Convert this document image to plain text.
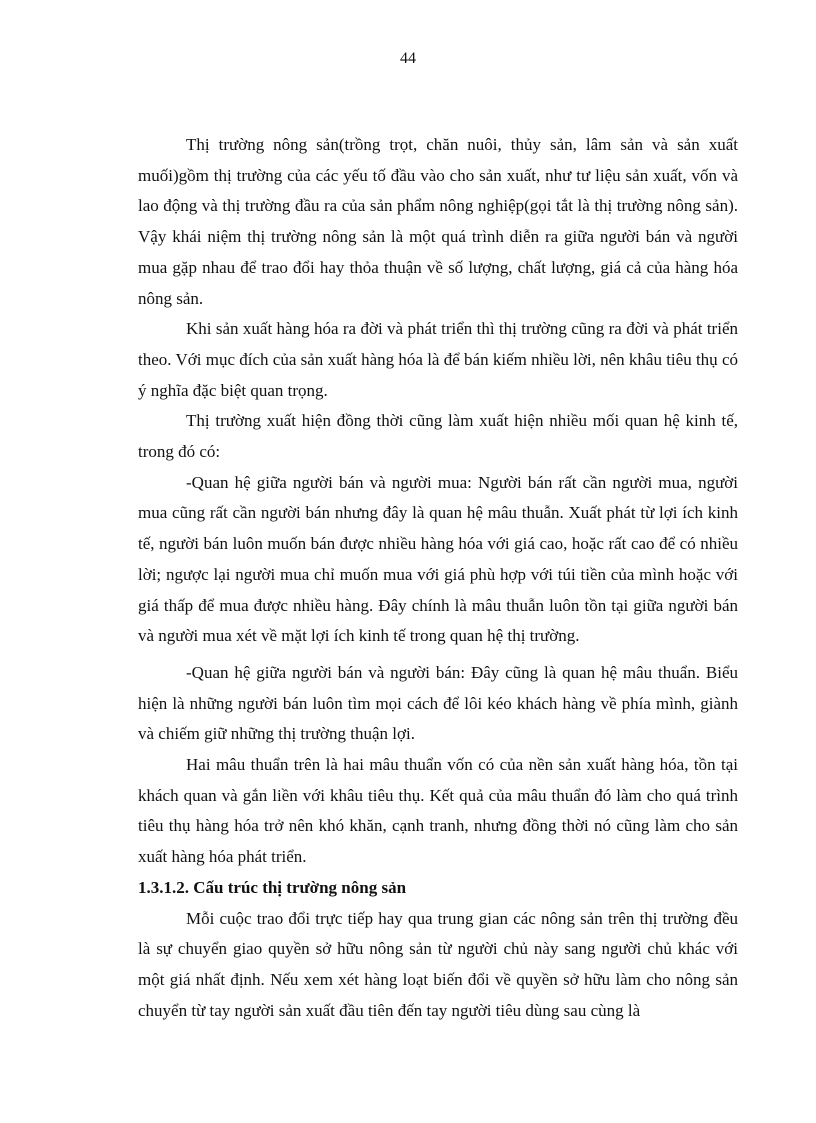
44

Thị trường nông sản(trồng trọt, chăn nuôi, thủy sản, lâm sản và sản xuất muối)gồm thị trường của các yếu tố đầu vào cho sản xuất, như tư liệu sản xuất, vốn và lao động và thị trường đầu ra của sản phẩm nông nghiệp(gọi tắt là thị trường nông sản). Vậy khái niệm thị trường nông sản là một quá trình diễn ra giữa người bán và người mua gặp nhau để trao đổi hay thỏa thuận về số lượng, chất lượng, giá cả của hàng hóa nông sản.

Khi sản xuất hàng hóa ra đời và phát triển thì thị trường cũng ra đời và phát triển theo. Với mục đích của sản xuất hàng hóa là để bán kiếm nhiều lời, nên khâu tiêu thụ có ý nghĩa đặc biệt quan trọng.

Thị trường xuất hiện đồng thời cũng làm xuất hiện nhiều mối quan hệ kinh tế, trong đó có:

-Quan hệ giữa người bán và người mua: Người bán rất cần người mua, người mua cũng rất cần người bán nhưng đây là quan hệ mâu thuẫn. Xuất phát từ lợi ích kinh tế, người bán luôn muốn bán được nhiều hàng hóa với giá cao, hoặc rất cao để có nhiều lời; ngược lại người mua chỉ muốn mua với giá phù hợp với túi tiền của mình hoặc với giá thấp để mua được nhiều hàng. Đây chính là mâu thuẫn luôn tồn tại giữa người bán và người mua xét về mặt lợi ích kinh tế trong quan hệ thị trường.

-Quan hệ giữa người bán và người bán: Đây cũng là quan hệ mâu thuẩn. Biểu hiện là những người bán luôn tìm mọi cách để lôi kéo khách hàng về phía mình, giành và chiếm giữ những thị trường thuận lợi.

Hai mâu thuẩn trên là hai mâu thuẩn vốn có của nền sản xuất hàng hóa, tồn tại khách quan và gắn liền với khâu tiêu thụ. Kết quả của mâu thuẩn đó làm cho quá trình tiêu thụ hàng hóa trở nên khó khăn, cạnh tranh, nhưng đồng thời nó cũng làm cho sản xuất hàng hóa phát triển.

1.3.1.2. Cấu trúc thị trường nông sản

Mỗi cuộc trao đổi trực tiếp hay qua trung gian các nông sản trên thị trường đều là sự chuyển giao quyền sở hữu nông sản từ người chủ này sang người chủ khác với một giá nhất định. Nếu xem xét hàng loạt biến đổi về quyền sở hữu làm cho nông sản chuyển từ tay người sản xuất đầu tiên đến tay người tiêu dùng sau cùng là
